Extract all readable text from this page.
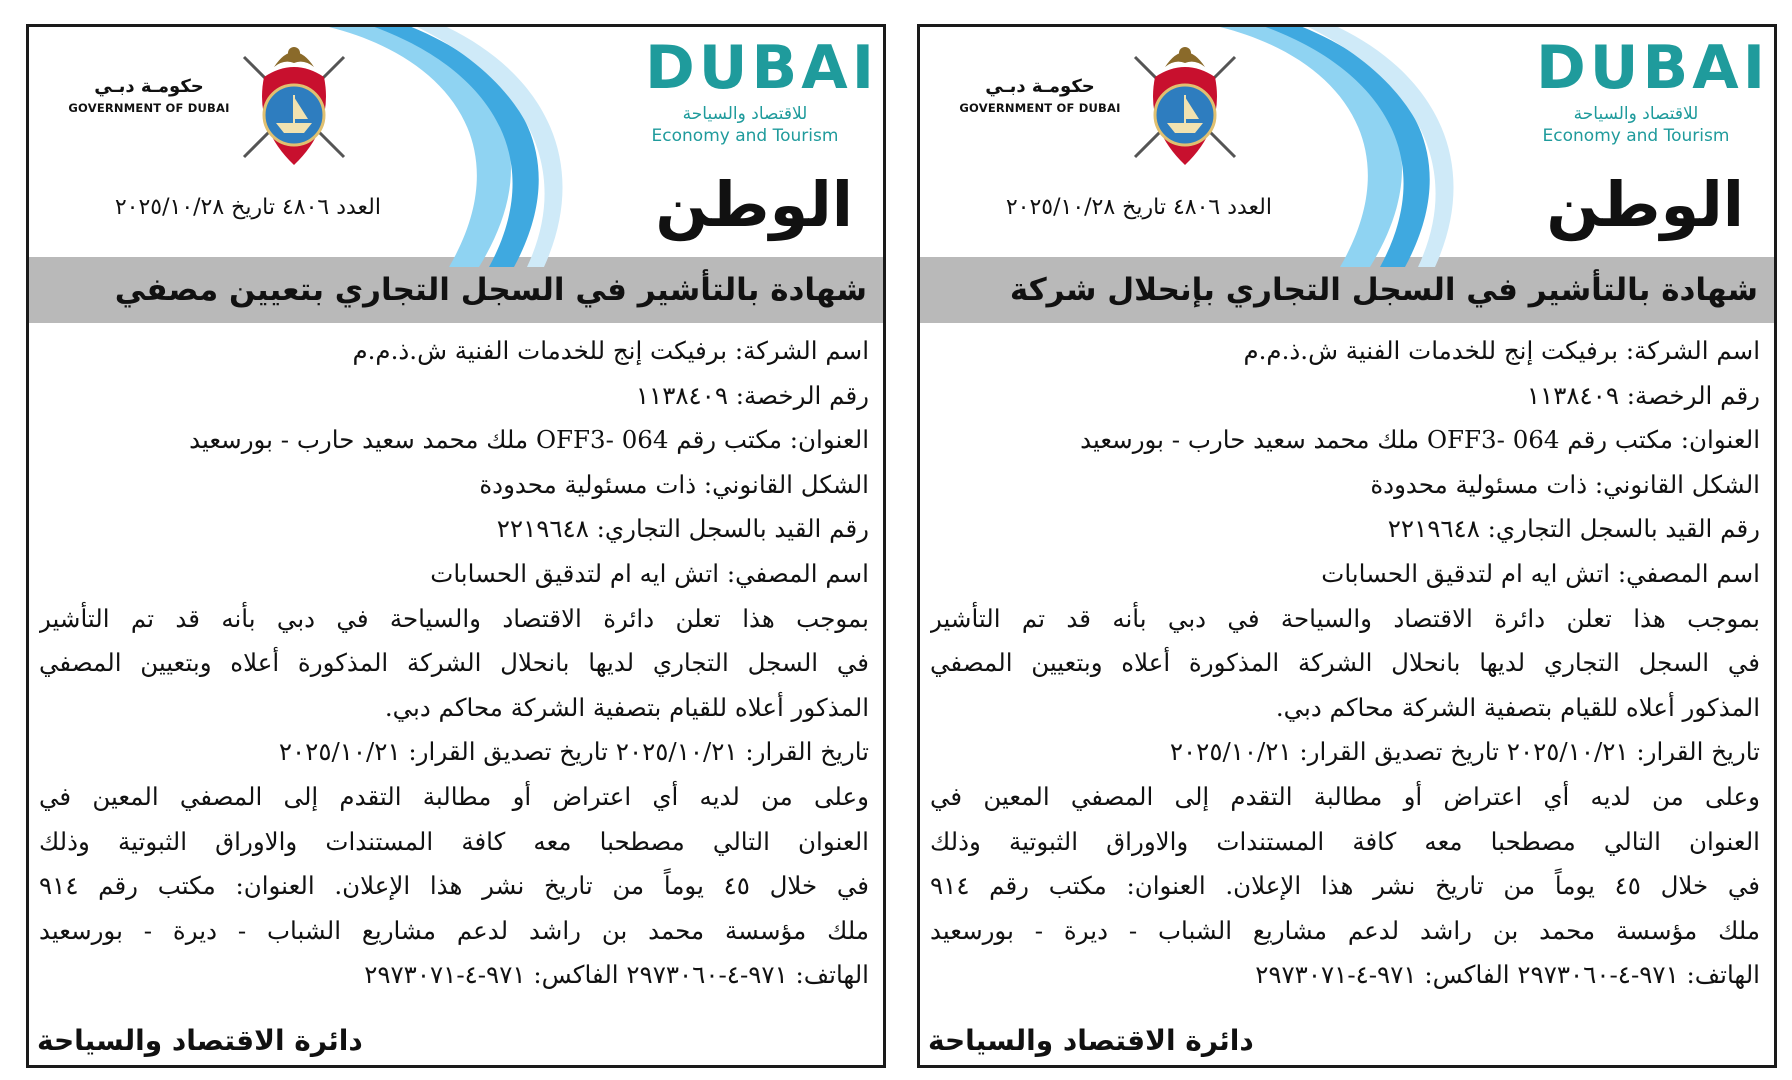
DUBAI
للاقتصاد والسياحة
Economy and Tourism
حكومـة دبـي
GOVERNMENT OF DUBAI
الوطن
العدد ٤٨٠٦ تاريخ ٢٠٢٥/١٠/٢٨
شهادة بالتأشير في السجل التجاري بإنحلال شركة
اسم الشركة: برفيكت إنج للخدمات الفنية ش.ذ.م.م
رقم الرخصة: ١١٣٨٤٠٩
العنوان: مكتب رقم OFF3- 064 ملك محمد سعيد حارب - بورسعيد
الشكل القانوني: ذات مسئولية محدودة
رقم القيد بالسجل التجاري: ٢٢١٩٦٤٨
اسم المصفي: اتش ايه ام لتدقيق الحسابات
بموجب هذا تعلن دائرة الاقتصاد والسياحة في دبي بأنه قد تم التأشير
في السجل التجاري لديها بانحلال الشركة المذكورة أعلاه وبتعيين المصفي
المذكور أعلاه للقيام بتصفية الشركة محاكم دبي.
تاريخ القرار: ٢٠٢٥/١٠/٢١ تاريخ تصديق القرار: ٢٠٢٥/١٠/٢١
وعلى من لديه أي اعتراض أو مطالبة التقدم إلى المصفي المعين في
العنوان التالي مصطحبا معه كافة المستندات والاوراق الثبوتية وذلك
في خلال ٤٥ يوماً من تاريخ نشر هذا الإعلان. العنوان: مكتب رقم ٩١٤
ملك مؤسسة محمد بن راشد لدعم مشاريع الشباب - ديرة - بورسعيد
الهاتف: ٩٧١-٤-٢٩٧٣٠٦٠ الفاكس: ٩٧١-٤-٢٩٧٣٠٧١
دائرة الاقتصاد والسياحة
DUBAI
للاقتصاد والسياحة
Economy and Tourism
حكومـة دبـي
GOVERNMENT OF DUBAI
الوطن
العدد ٤٨٠٦ تاريخ ٢٠٢٥/١٠/٢٨
شهادة بالتأشير في السجل التجاري بتعيين مصفي
اسم الشركة: برفيكت إنج للخدمات الفنية ش.ذ.م.م
رقم الرخصة: ١١٣٨٤٠٩
العنوان: مكتب رقم OFF3- 064 ملك محمد سعيد حارب - بورسعيد
الشكل القانوني: ذات مسئولية محدودة
رقم القيد بالسجل التجاري: ٢٢١٩٦٤٨
اسم المصفي: اتش ايه ام لتدقيق الحسابات
بموجب هذا تعلن دائرة الاقتصاد والسياحة في دبي بأنه قد تم التأشير
في السجل التجاري لديها بانحلال الشركة المذكورة أعلاه وبتعيين المصفي
المذكور أعلاه للقيام بتصفية الشركة محاكم دبي.
تاريخ القرار: ٢٠٢٥/١٠/٢١ تاريخ تصديق القرار: ٢٠٢٥/١٠/٢١
وعلى من لديه أي اعتراض أو مطالبة التقدم إلى المصفي المعين في
العنوان التالي مصطحبا معه كافة المستندات والاوراق الثبوتية وذلك
في خلال ٤٥ يوماً من تاريخ نشر هذا الإعلان. العنوان: مكتب رقم ٩١٤
ملك مؤسسة محمد بن راشد لدعم مشاريع الشباب - ديرة - بورسعيد
الهاتف: ٩٧١-٤-٢٩٧٣٠٦٠ الفاكس: ٩٧١-٤-٢٩٧٣٠٧١
دائرة الاقتصاد والسياحة
